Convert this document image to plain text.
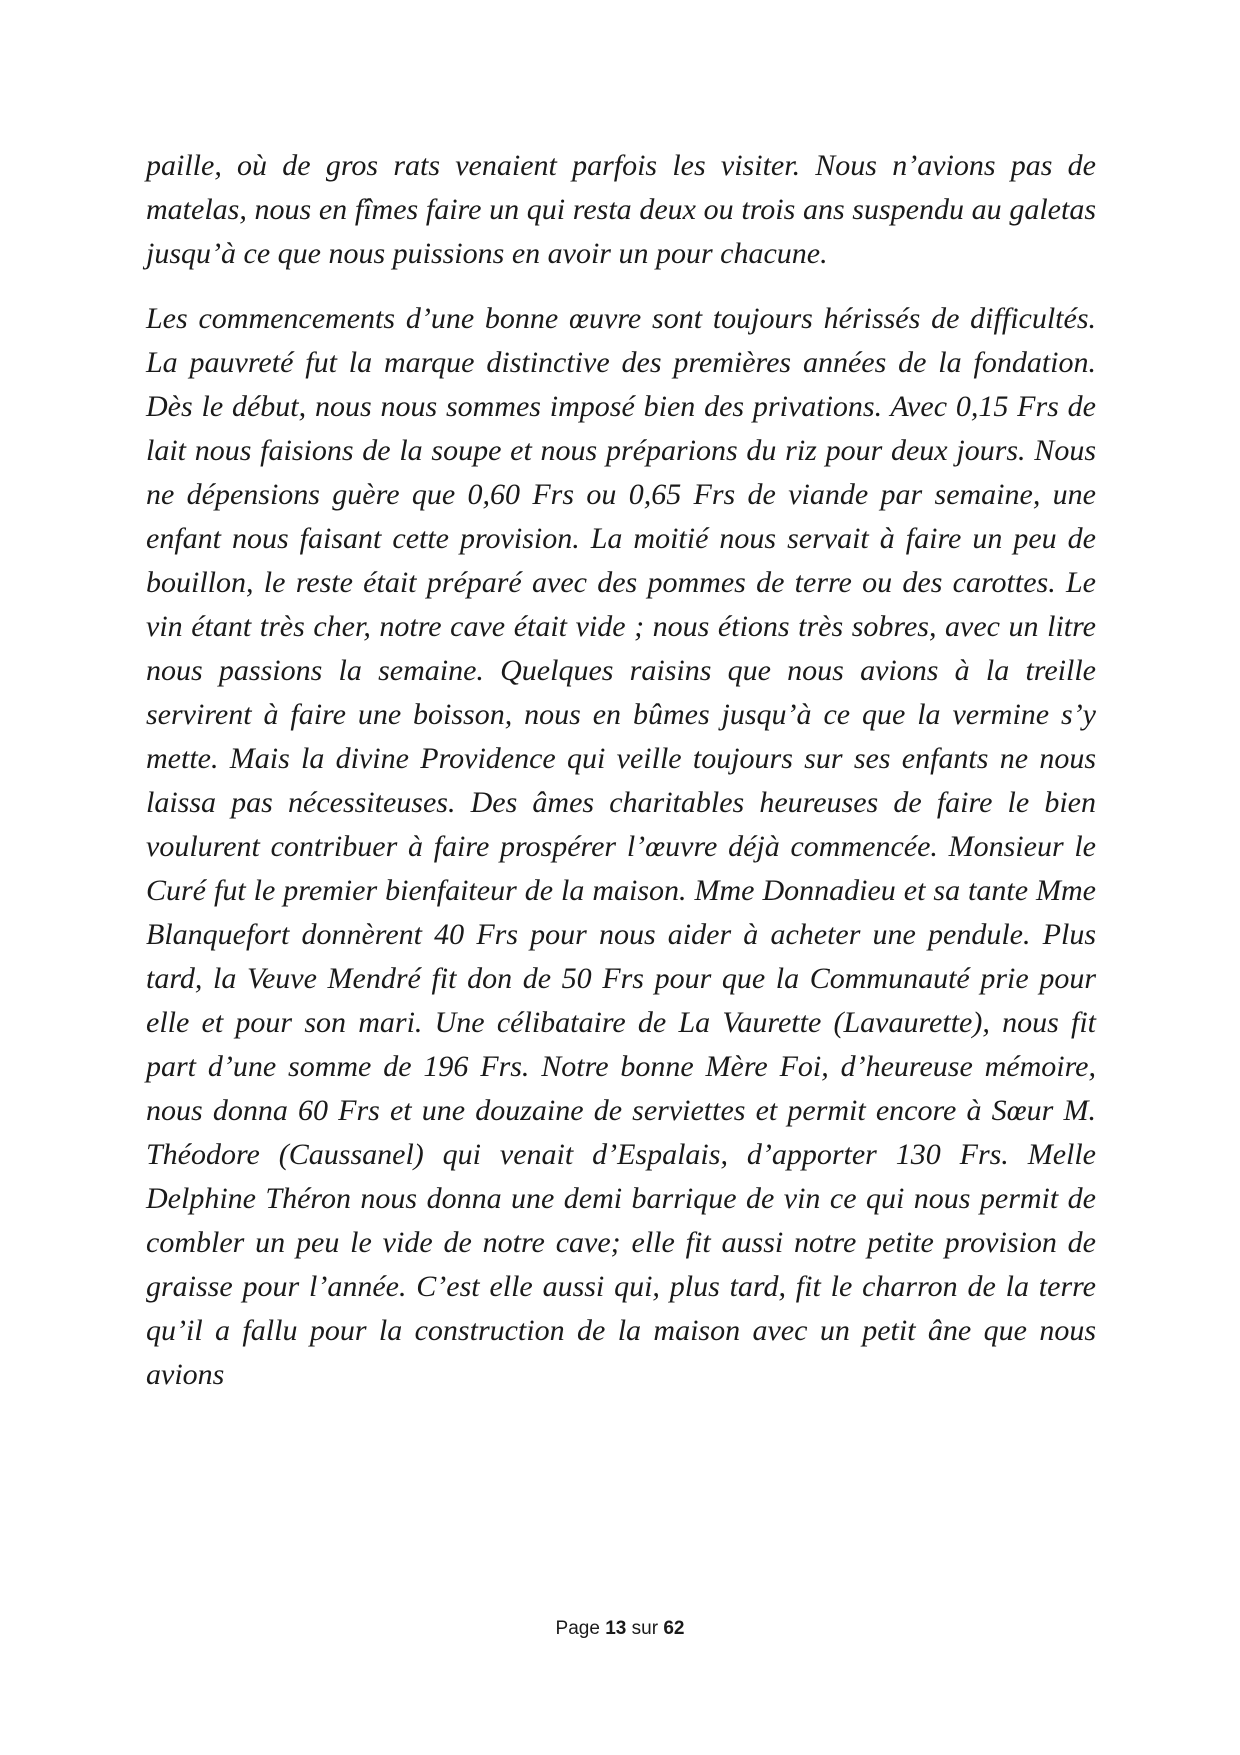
paille, où de gros rats venaient parfois les visiter. Nous n’avions pas de matelas, nous en fîmes faire un qui resta deux ou trois ans suspendu au galetas jusqu’à ce que nous puissions en avoir un pour chacune.

Les commencements d’une bonne œuvre sont toujours hérissés de difficultés. La pauvreté fut la marque distinctive des premières années de la fondation. Dès le début, nous nous sommes imposé bien des privations. Avec 0,15 Frs de lait nous faisions de la soupe et nous préparions du riz pour deux jours. Nous ne dépensions guère que 0,60 Frs ou 0,65 Frs de viande par semaine, une enfant nous faisant cette provision. La moitié nous servait à faire un peu de bouillon, le reste était préparé avec des pommes de terre ou des carottes. Le vin étant très cher, notre cave était vide ; nous étions très sobres, avec un litre nous passions la semaine. Quelques raisins que nous avions à la treille servirent à faire une boisson, nous en bûmes jusqu’à ce que la vermine s’y mette. Mais la divine Providence qui veille toujours sur ses enfants ne nous laissa pas nécessiteuses. Des âmes charitables heureuses de faire le bien voulurent contribuer à faire prospérer l’œuvre déjà commencée. Monsieur le Curé fut le premier bienfaiteur de la maison. Mme Donnadieu et sa tante Mme Blanquefort donnèrent 40 Frs pour nous aider à acheter une pendule. Plus tard, la Veuve Mendré fit don de 50 Frs pour que la Communauté prie pour elle et pour son mari. Une célibataire de La Vaurette (Lavaurette), nous fit part d’une somme de 196 Frs. Notre bonne Mère Foi, d’heureuse mémoire, nous donna 60 Frs et une douzaine de serviettes et permit encore à Sœur M. Théodore (Caussanel) qui venait d’Espalais, d’apporter 130 Frs. Melle Delphine Théron nous donna une demi barrique de vin ce qui nous permit de combler un peu le vide de notre cave; elle fit aussi notre petite provision de graisse pour l’année. C’est elle aussi qui, plus tard, fit le charron de la terre qu’il a fallu pour la construction de la maison avec un petit âne que nous avions

Page 13 sur 62
